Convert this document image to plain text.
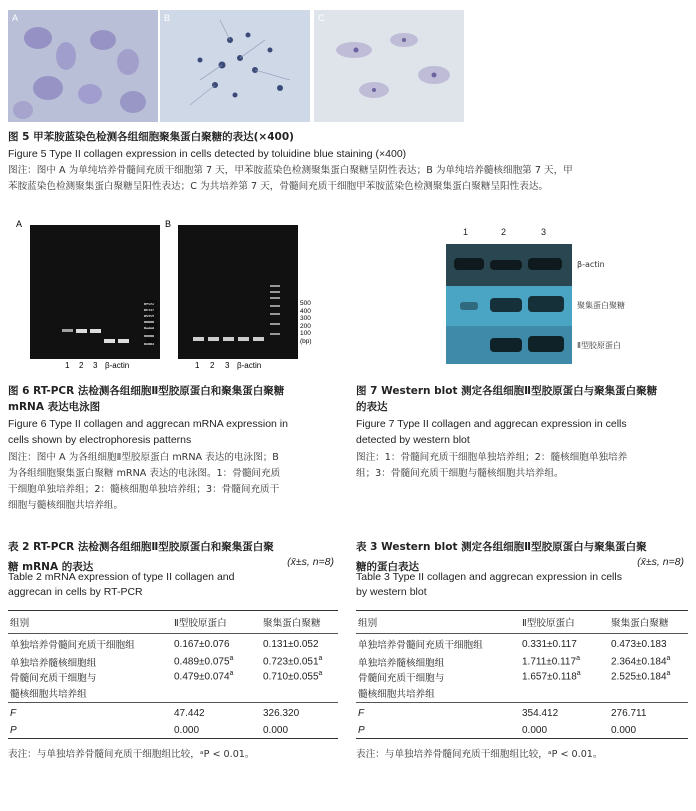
A	B	C
图 5 甲苯胺蓝染色检测各组细胞聚集蛋白聚糖的表达(×400)
Figure 5 Type II collagen expression in cells detected by toluidine blue staining (×400)
图注：图中 A 为单纯培养骨髓间充质干细胞第 7 天，甲苯胺蓝染色检测聚集蛋白聚糖呈阴性表达；B 为单纯培养髓核细胞第 7 天，甲
苯胺蓝染色检测聚集蛋白聚糖呈阳性表达；C 为共培养第 7 天，骨髓间充质干细胞甲苯胺蓝染色检测聚集蛋白聚糖呈阳性表达。
A	B
1 2 3 β-actin
500
400
300
200
100
(bp)
1 2 3 β-actin
500
400
300
200
100
(bp)
图 6 RT-PCR 法检测各组细胞Ⅱ型胶原蛋白和聚集蛋白聚糖
mRNA 表达电泳图
Figure 6 Type II collagen and aggrecan mRNA expression in
cells shown by electrophoresis patterns
图注：图中 A 为各组细胞Ⅱ型胶原蛋白 mRNA 表达的电泳图；B
为各组细胞聚集蛋白聚糖 mRNA 表达的电泳图。1：骨髓间充质
干细胞单独培养组；2：髓核细胞单独培养组；3：骨髓间充质干
细胞与髓核细胞共培养组。
1	2	3
β-actin
聚集蛋白聚糖
Ⅱ型胶原蛋白
图 7 Western blot 测定各组细胞Ⅱ型胶原蛋白与聚集蛋白聚糖
的表达
Figure 7 Type II collagen and aggrecan expression in cells
detected by western blot
图注：1：骨髓间充质干细胞单独培养组；2：髓核细胞单独培养
组；3：骨髓间充质干细胞与髓核细胞共培养组。
表 2 RT-PCR 法检测各组细胞Ⅱ型胶原蛋白和聚集蛋白聚
糖 mRNA 的表达	(x̄±s, n=8)
Table 2 mRNA expression of type II collagen and
aggrecan in cells by RT-PCR
组别	Ⅱ型胶原蛋白	聚集蛋白聚糖
单独培养骨髓间充质干细胞组	0.167±0.076	0.131±0.052
单独培养髓核细胞组	0.489±0.075$^a$	0.723±0.051$^a$
骨髓间充质干细胞与	0.479±0.074$^a$	0.710±0.055$^a$
髓核细胞共培养组		
F	47.442	326.320
P	0.000	0.000

表注：与单独培养骨髓间充质干细胞组比较，ᵃP < 0.01。
表 3 Western blot 测定各组细胞Ⅱ型胶原蛋白与聚集蛋白聚
糖的蛋白表达	(x̄±s, n=8)
Table 3 Type II collagen and aggrecan expression in cells
by western blot
组别	Ⅱ型胶原蛋白	聚集蛋白聚糖
单独培养骨髓间充质干细胞组	0.331±0.117	0.473±0.183
单独培养髓核细胞组	1.711±0.117$^a$	2.364±0.184$^a$
骨髓间充质干细胞与	1.657±0.118$^a$	2.525±0.184$^a$
髓核细胞共培养组		
F	354.412	276.711
P	0.000	0.000

表注：与单独培养骨髓间充质干细胞组比较，ᵃP < 0.01。
